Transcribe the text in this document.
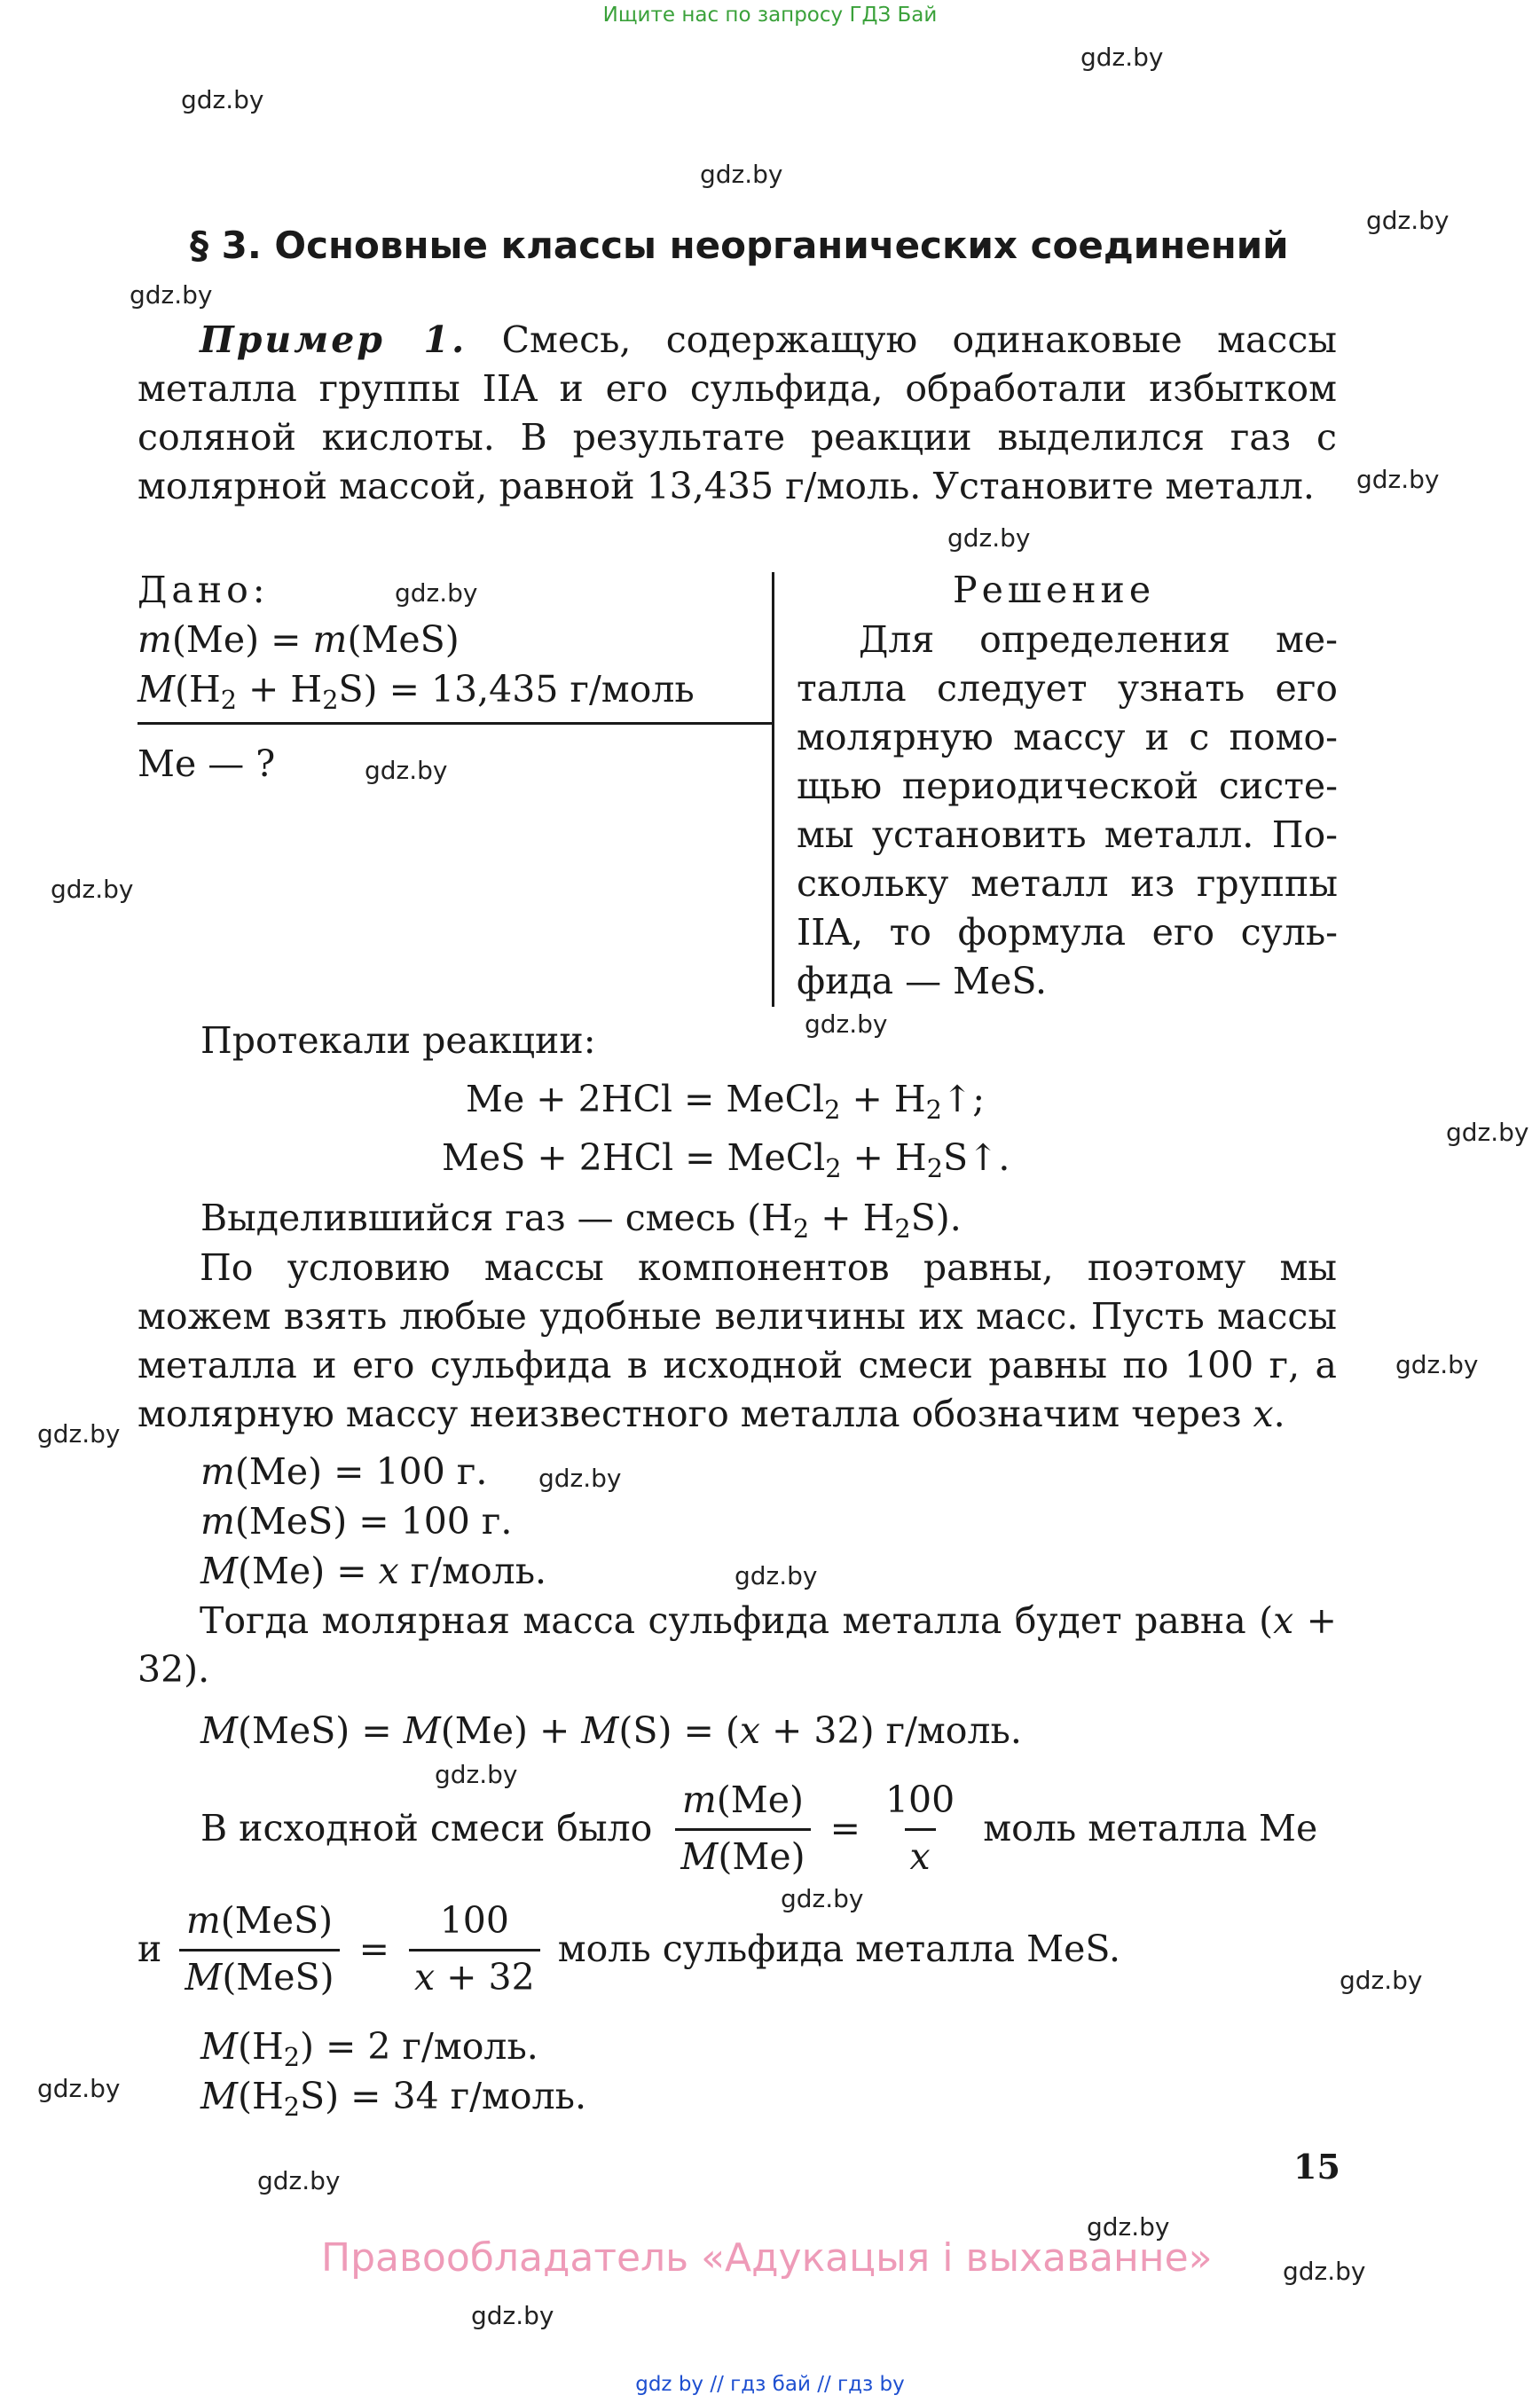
Ищите нас по запросу ГДЗ Бай
gdz.by
gdz.by
gdz.by
gdz.by
gdz.by
gdz.by
gdz.by
gdz.by
gdz.by
gdz.by
gdz.by
gdz.by
gdz.by
gdz.by
gdz.by
gdz.by
gdz.by
gdz.by
gdz.by
gdz.by
gdz.by
gdz.by
gdz.by
gdz.by
§ 3. Основные классы неорганических соединений
Пример 1. Смесь, содержащую одинаковые массы металла группы IIA и его сульфида, обработали избытком соляной кислоты. В результате реакции выделился газ с молярной массой, равной 13,435 г/моль. Установите металл.
Дано:
m(Me) = m(MeS)
$M(H_2 + H_2S) = 13,435$ г/моль
Me — ?
Решение
Для определения ме-
талла следует узнать его
молярную массу и с помо-
щью периодической систе-
мы установить металл. По-
скольку металл из группы
IIA, то формула его суль-
фида — MeS.
Протекали реакции:
Me + 2HCl = MeCl$_2$ + $H_2↑$;
MeS + 2HCl = MeCl$_2$ + $H_2S↑$.
Выделившийся газ — смесь $(H_2 + H_2S)$.
По условию массы компонентов равны, поэтому мы можем взять любые удобные величины их масс. Пусть массы металла и его сульфида в исходной смеси равны по 100 г, а молярную массу неизвестного металла обозначим через x.
m(Me) = 100 г.
m(MeS) = 100 г.
M(Me) = x г/моль.
Тогда молярная масса сульфида металла будет равна (x + 32).
M(MeS) = M(Me) + M(S) = (x + 32) г/моль.
В исходной смеси было $\frac{m(Me)}{M(Me)} = \frac{100}{x}$ моль металла Me
и $\frac{\text{m(MeS)}}{\text{M(MeS)}} = \frac{100}{x + 32}$ моль сульфида металла MeS.
$M(H_2) = 2$ г/моль.
$M(H_2S) = 34$ г/моль.
15
Правообладатель «Адукацыя і выхаванне»
gdz by // гдз бай // гдз by
